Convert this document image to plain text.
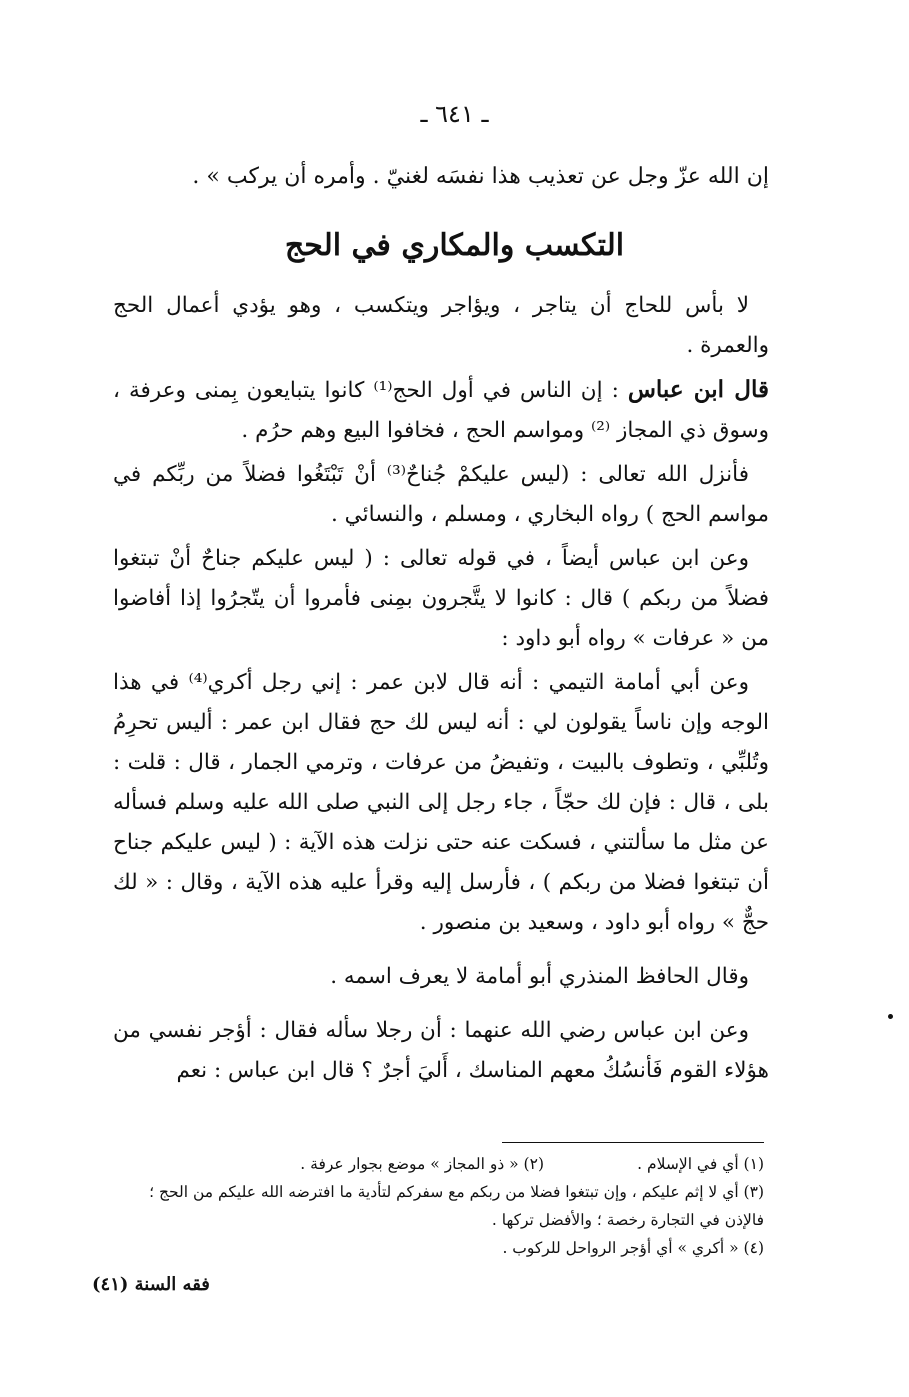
ـ ٦٤١ ـ
إن الله عزّ وجل عن تعذيب هذا نفسَه لغنيّ . وأمره أن يركب » .
التكسب والمكاري في الحج

لا بأس للحاج أن يتاجر ، ويؤاجر ويتكسب ، وهو يؤدي أعمال الحج والعمرة .

قال ابن عباس : إن الناس في أول الحج⁽¹⁾ كانوا يتبايعون بِمنى وعرفة ، وسوق ذي المجاز ⁽²⁾ ومواسم الحج ، فخافوا البيع وهم حرُم .

فأنزل الله تعالى : (ليس عليكمْ جُناحٌ⁽³⁾ أنْ تَبْتَغُوا فضلاً من ربِّكم في مواسم الحج ) رواه البخاري ، ومسلم ، والنسائي .

وعن ابن عباس أيضاً ، في قوله تعالى : ( ليس عليكم جناحٌ أنْ تبتغوا فضلاً من ربكم ) قال : كانوا لا يتَّجرون بمِنى فأمروا أن يتّجرُوا إذا أفاضوا من « عرفات » رواه أبو داود :

وعن أبي أمامة التيمي : أنه قال لابن عمر : إني رجل أكري⁽⁴⁾ في هذا الوجه وإن ناساً يقولون لي : أنه ليس لك حج فقال ابن عمر : أليس تحرِمُ وتُلبِّي ، وتطوف بالبيت ، وتفيضُ من عرفات ، وترمي الجمار ، قال : قلت : بلى ، قال : فإن لك حجّاً ، جاء رجل إلى النبي صلى الله عليه وسلم فسأله عن مثل ما سألتني ، فسكت عنه حتى نزلت هذه الآية : ( ليس عليكم جناح أن تبتغوا فضلا من ربكم ) ، فأرسل إليه وقرأ عليه هذه الآية ، وقال : « لك حجٌّ » رواه أبو داود ، وسعيد بن منصور .

وقال الحافظ المنذري أبو أمامة لا يعرف اسمه .

وعن ابن عباس رضي الله عنهما : أن رجلا سأله فقال : أؤجر نفسي من هؤلاء القوم فَأنسُكُ معهم المناسك ، أَليَ أجرٌ ؟ قال ابن عباس : نعم

(١) أي في الإسلام .
(٢) « ذو المجاز » موضع بجوار عرفة .
(٣) أي لا إثم عليكم ، وإن تبتغوا فضلا من ربكم مع سفركم لتأدية ما افترضه الله عليكم من الحج ؛
فالإذن في التجارة رخصة ؛ والأفضل تركها .
(٤) « أكري » أي أؤجر الرواحل للركوب .
فقه السنة (٤١)
